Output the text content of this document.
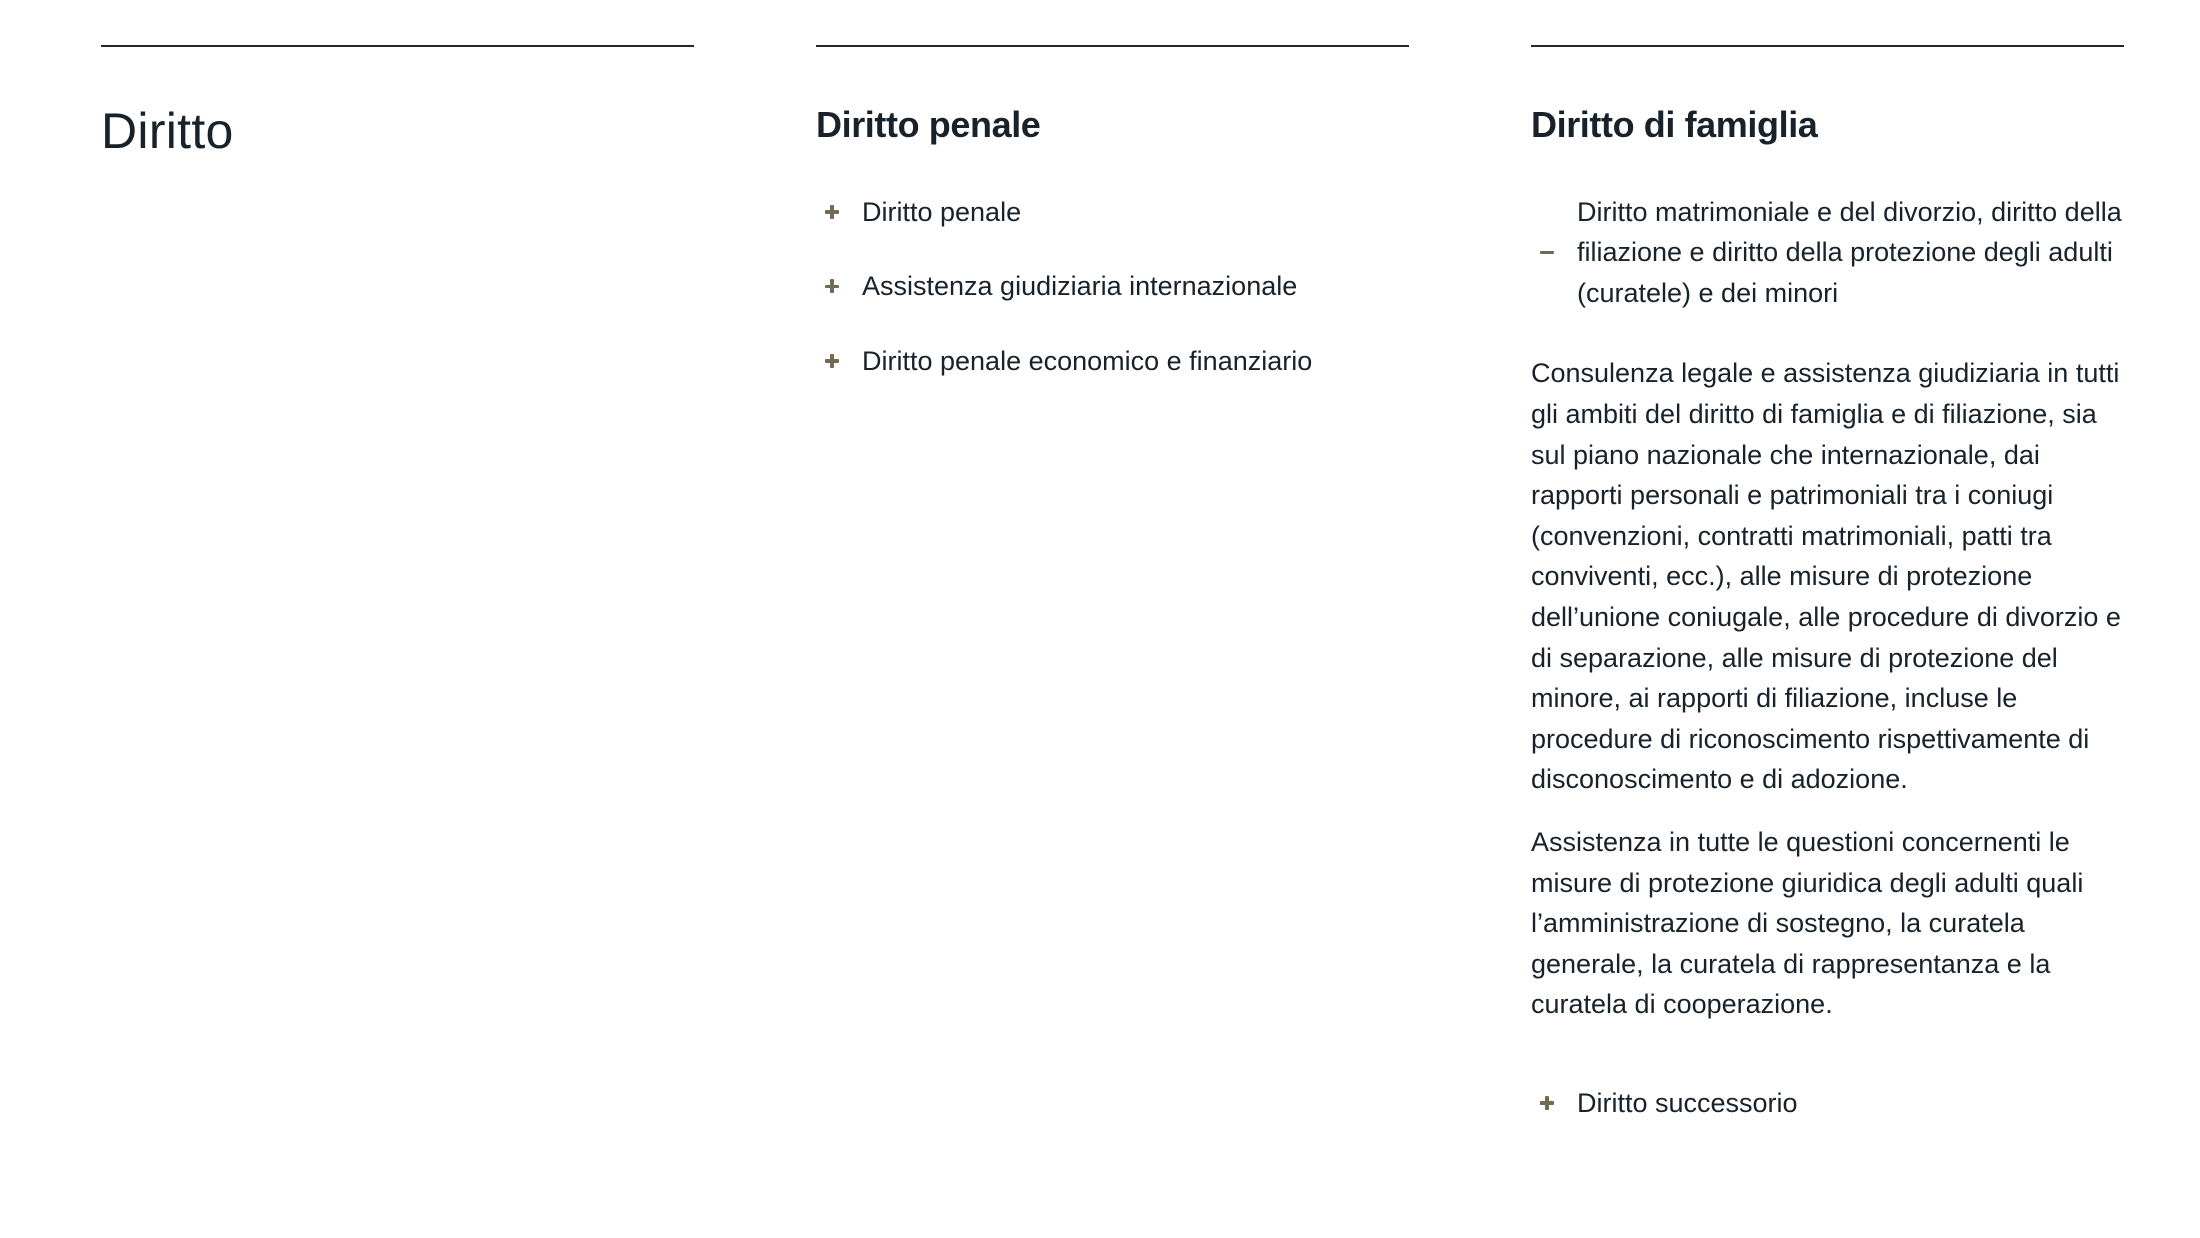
Diritto	Diritto penale
Diritto penale
Assistenza giudiziaria internazionale
Diritto penale economico e finanziario
Diritto di famiglia
Diritto matrimoniale e del divorzio, diritto della filiazione e diritto della protezione degli adulti (curatele) e dei minori

Consulenza legale e assistenza giudiziaria in tutti gli ambiti del diritto di famiglia e di filiazione, sia sul piano nazionale che internazionale, dai rapporti personali e patrimoniali tra i coniugi (convenzioni, contratti matrimoniali, patti tra conviventi, ecc.), alle misure di protezione dell’unione coniugale, alle procedure di divorzio e di separazione, alle misure di protezione del minore, ai rapporti di filiazione, incluse le procedure di riconoscimento rispettivamente di disconoscimento e di adozione.

Assistenza in tutte le questioni concernenti le misure di protezione giuridica degli adulti quali l’amministrazione di sostegno, la curatela generale, la curatela di rappresentanza e la curatela di cooperazione.

Diritto successorio
